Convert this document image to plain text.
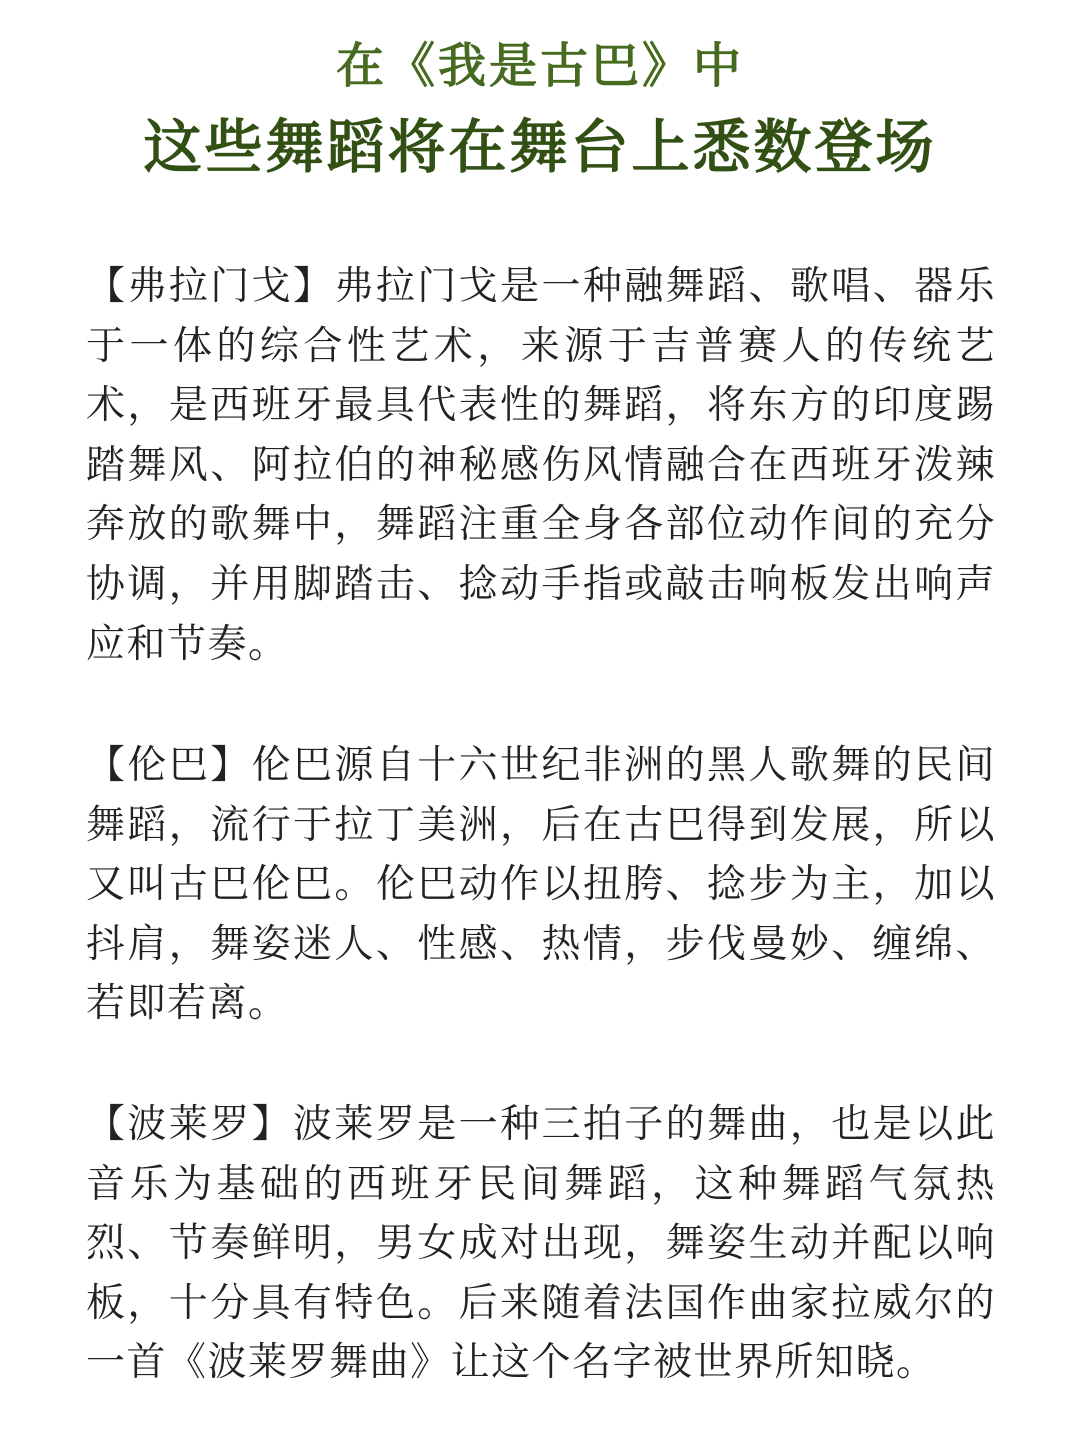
在《我是古巴》中
这些舞蹈将在舞台上悉数登场
【弗拉门戈】弗拉门戈是一种融舞蹈、歌唱、器乐于一体的综合性艺术，来源于吉普赛人的传统艺术，是西班牙最具代表性的舞蹈，将东方的印度踢踏舞风、阿拉伯的神秘感伤风情融合在西班牙泼辣奔放的歌舞中，舞蹈注重全身各部位动作间的充分协调，并用脚踏击、捻动手指或敲击响板发出响声应和节奏。
【伦巴】伦巴源自十六世纪非洲的黑人歌舞的民间舞蹈，流行于拉丁美洲，后在古巴得到发展，所以又叫古巴伦巴。伦巴动作以扭胯、捻步为主，加以抖肩，舞姿迷人、性感、热情，步伐曼妙、缠绵、若即若离。
【波莱罗】波莱罗是一种三拍子的舞曲，也是以此音乐为基础的西班牙民间舞蹈，这种舞蹈气氛热烈、节奏鲜明，男女成对出现，舞姿生动并配以响板，十分具有特色。后来随着法国作曲家拉威尔的一首《波莱罗舞曲》让这个名字被世界所知晓。
